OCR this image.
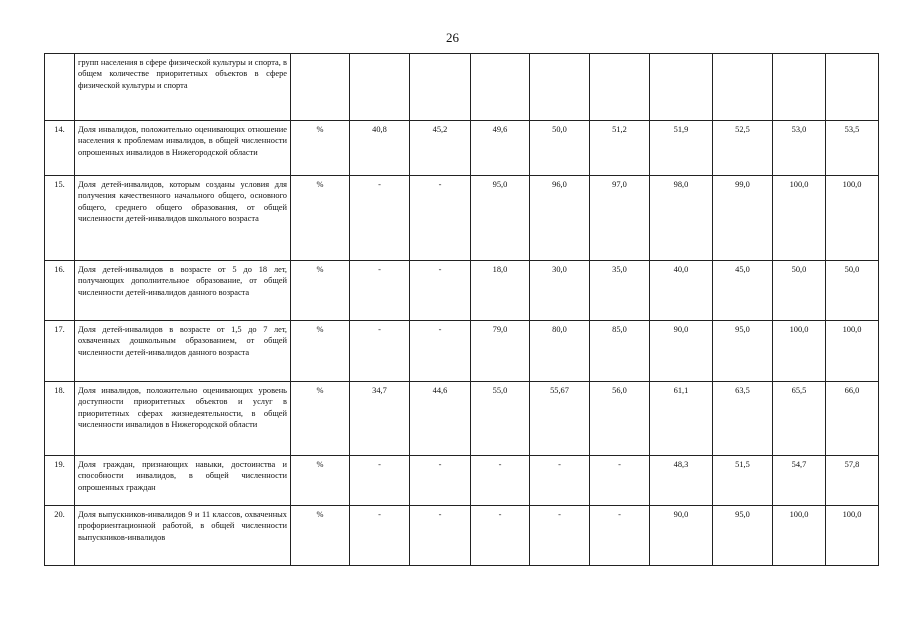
26
	групп населения в сфере физической культуры и спорта, в общем количестве приоритетных объектов в сфере физической культуры и спорта										
14.	Доля инвалидов, положительно оценивающих отношение населения к проблемам инвалидов, в общей численности опрошенных инвалидов в Нижегородской области	%	40,8	45,2	49,6	50,0	51,2	51,9	52,5	53,0	53,5
15.	Доля детей-инвалидов, которым созданы условия для получения качественного начального общего, основного общего, среднего общего образования, от общей численности детей-инвалидов школьного возраста	%	-	-	95,0	96,0	97,0	98,0	99,0	100,0	100,0
16.	Доля детей-инвалидов в возрасте от 5 до 18 лет, получающих дополнительное образование, от общей численности детей-инвалидов данного возраста	%	-	-	18,0	30,0	35,0	40,0	45,0	50,0	50,0
17.	Доля детей-инвалидов в возрасте от 1,5 до 7 лет, охваченных дошкольным образованием, от общей численности детей-инвалидов данного возраста	%	-	-	79,0	80,0	85,0	90,0	95,0	100,0	100,0
18.	Доля инвалидов, положительно оценивающих уровень доступности приоритетных объектов и услуг в приоритетных сферах жизнедеятельности, в общей численности инвалидов в Нижегородской области	%	34,7	44,6	55,0	55,67	56,0	61,1	63,5	65,5	66,0
19.	Доля граждан, признающих навыки, достоинства и способности инвалидов, в общей численности опрошенных граждан	%	-	-	-	-	-	48,3	51,5	54,7	57,8
20.	Доля выпускников-инвалидов 9 и 11 классов, охваченных профориентационной работой, в общей численности выпускников-инвалидов	%	-	-	-	-	-	90,0	95,0	100,0	100,0
